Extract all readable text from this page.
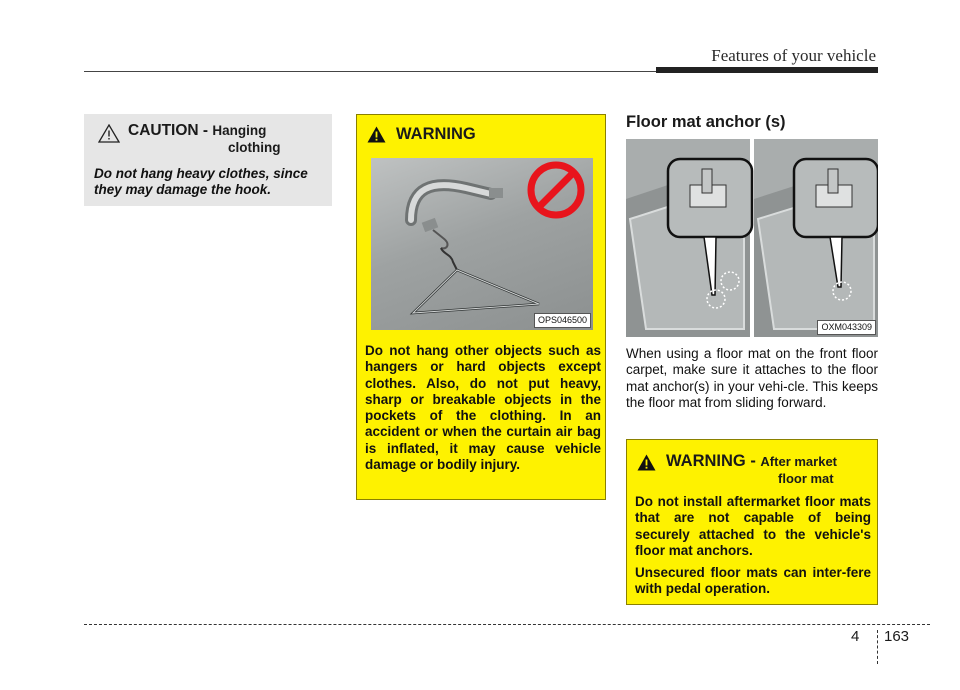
Features of your vehicle
CAUTION - Hanging
clothing
Do not hang heavy clothes, since they may damage the hook.
WARNING
OPS046500
Do not hang other objects such as hangers or hard objects except clothes. Also, do not put heavy, sharp or breakable objects in the pockets of the clothing. In an accident or when the curtain air bag is inflated, it may cause vehicle damage or bodily injury.
Floor mat anchor (s)
OXM043309
When using a floor mat on the front floor carpet, make sure it attaches to the floor mat anchor(s) in your vehi-cle. This keeps the floor mat from sliding forward.
WARNING - After market
floor mat

Do not install aftermarket floor mats that are not capable of being securely attached to the vehicle's floor mat anchors.

Unsecured floor mats can inter-fere with pedal operation.

4 163
